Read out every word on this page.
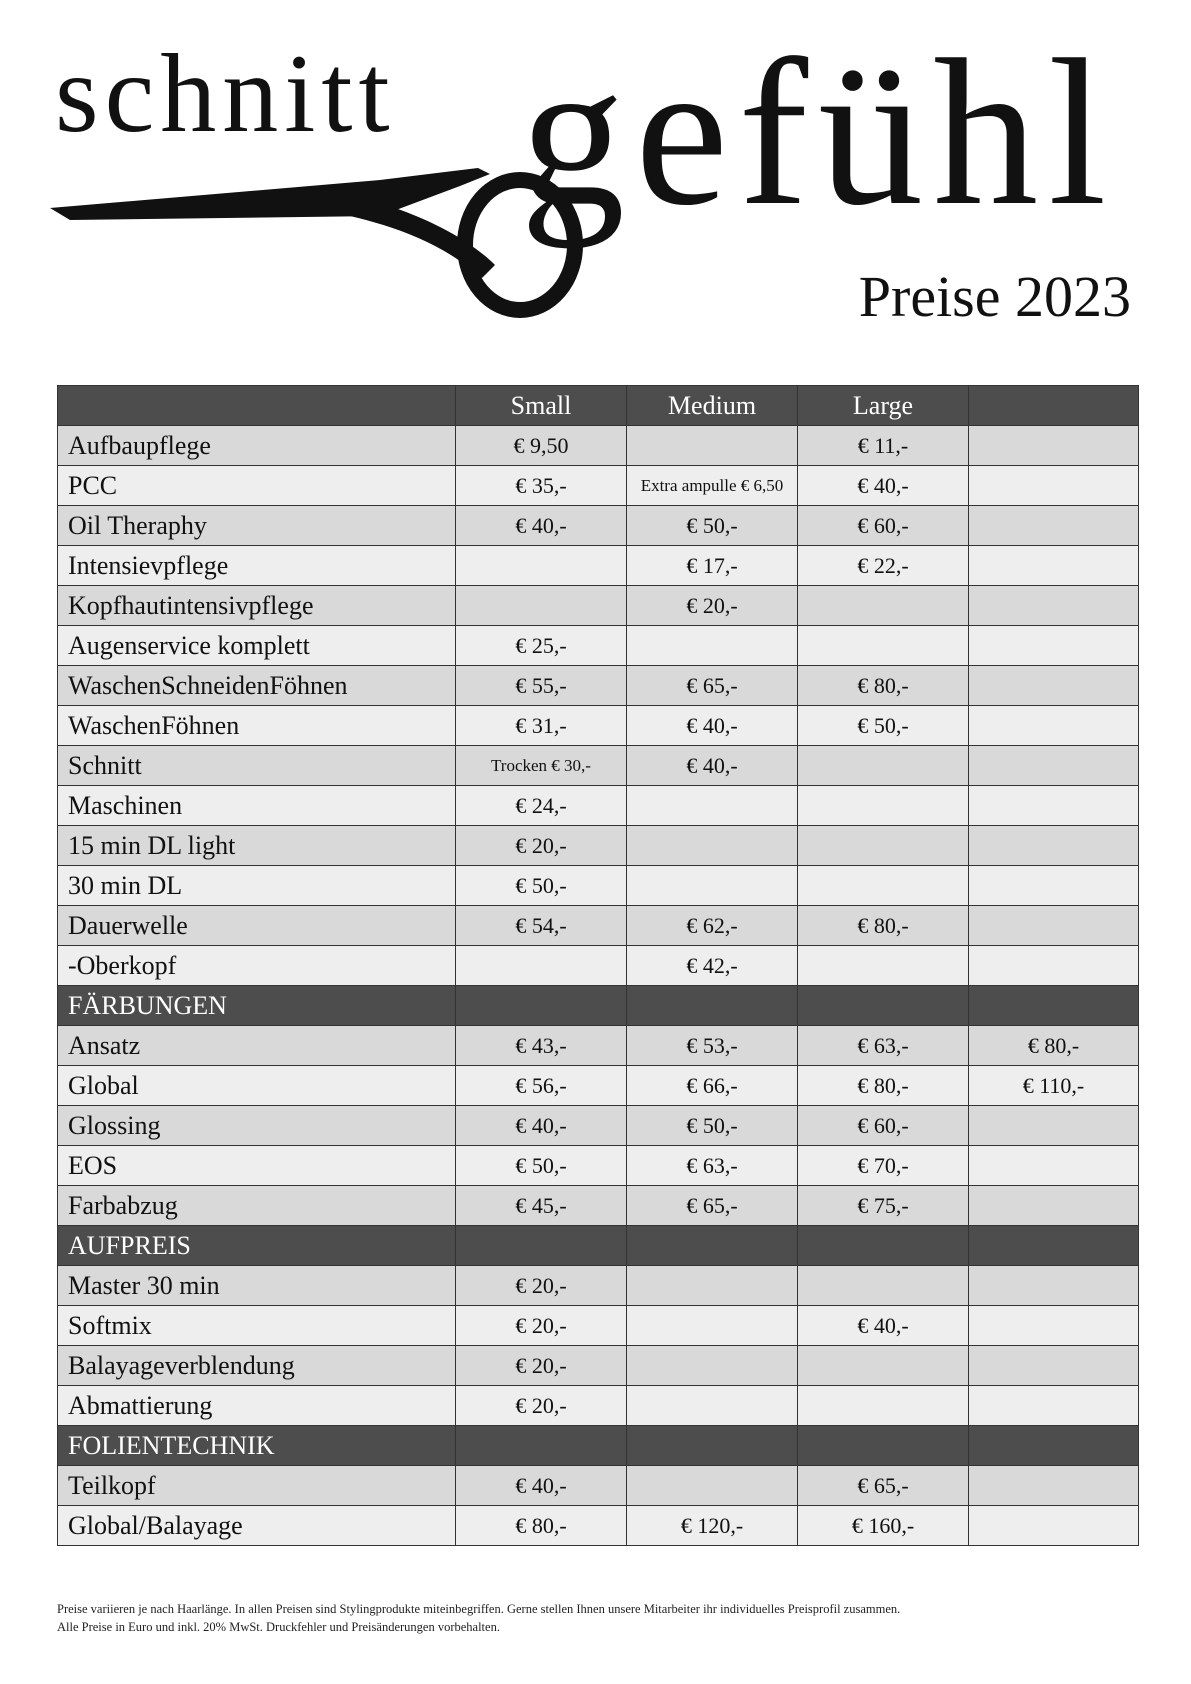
schnitt gefühl
Preise 2023
	Small	Medium	Large	
Aufbaupflege	€ 9,50		€ 11,-	
PCC	€ 35,-	Extra ampulle € 6,50	€ 40,-	
Oil Theraphy	€ 40,-	€ 50,-	€ 60,-	
Intensievpflege		€ 17,-	€ 22,-	
Kopfhautintensivpflege		€ 20,-		
Augenservice komplett	€ 25,-			
WaschenSchneidenFöhnen	€ 55,-	€ 65,-	€ 80,-	
WaschenFöhnen	€ 31,-	€ 40,-	€ 50,-	
Schnitt	Trocken € 30,-	€ 40,-		
Maschinen	€ 24,-			
15 min DL light	€ 20,-			
30 min DL	€ 50,-			
Dauerwelle	€ 54,-	€ 62,-	€ 80,-	
-Oberkopf		€ 42,-		
FÄRBUNGEN				
Ansatz	€ 43,-	€ 53,-	€ 63,-	€ 80,-
Global	€ 56,-	€ 66,-	€ 80,-	€ 110,-
Glossing	€ 40,-	€ 50,-	€ 60,-	
EOS	€ 50,-	€ 63,-	€ 70,-	
Farbabzug	€ 45,-	€ 65,-	€ 75,-	
AUFPREIS				
Master 30 min	€ 20,-			
Softmix	€ 20,-		€ 40,-	
Balayageverblendung	€ 20,-			
Abmattierung	€ 20,-			
FOLIENTECHNIK				
Teilkopf	€ 40,-		€ 65,-	
Global/Balayage	€ 80,-	€ 120,-	€ 160,-	
Preise variieren je nach Haarlänge. In allen Preisen sind Stylingprodukte miteinbegriffen. Gerne stellen Ihnen unsere Mitarbeiter ihr individuelles Preisprofil zusammen.
Alle Preise in Euro und inkl. 20% MwSt. Druckfehler und Preisänderungen vorbehalten.
